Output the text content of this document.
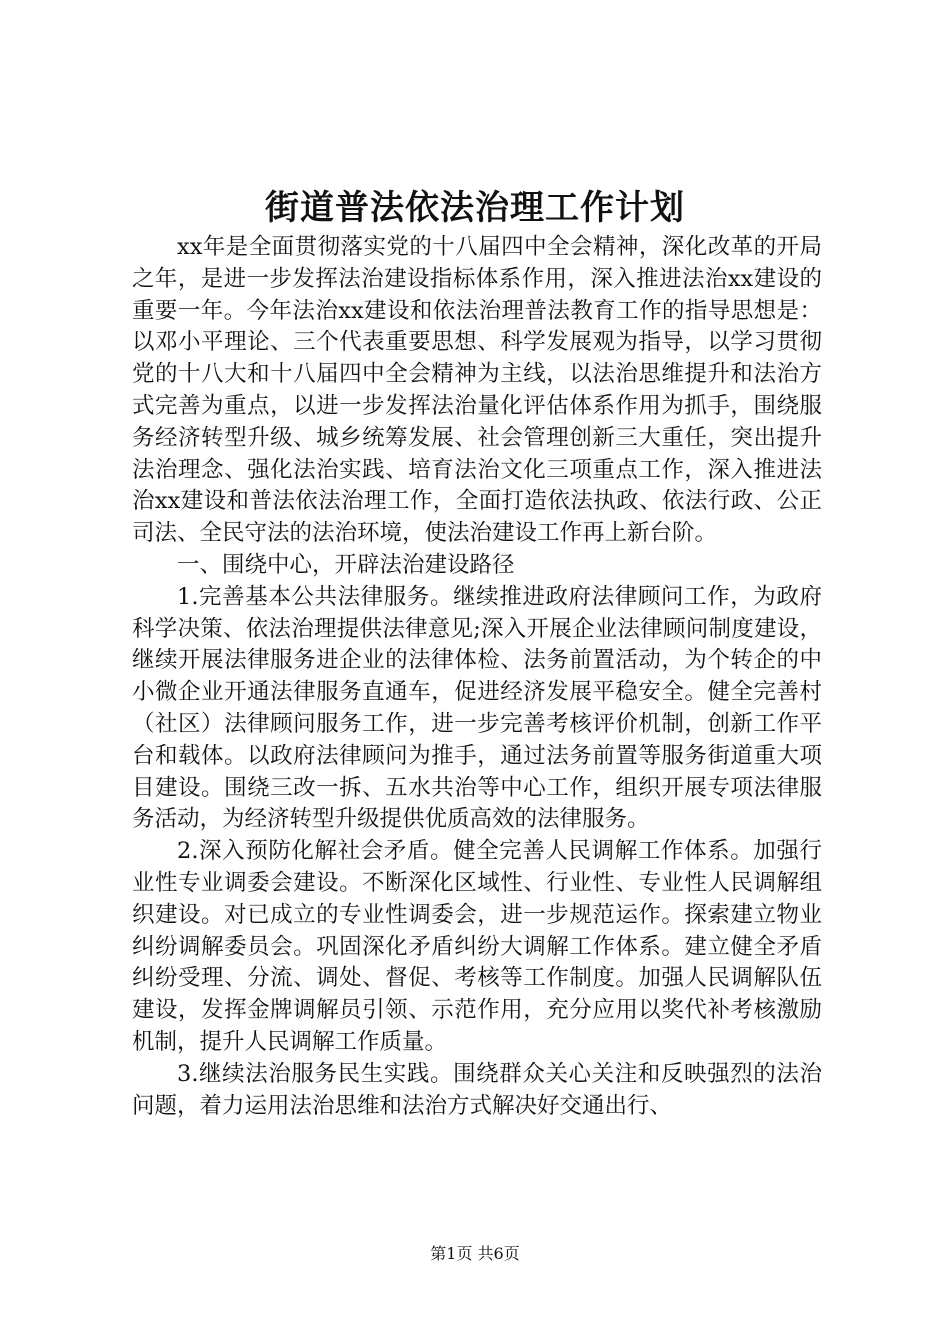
街道普法依法治理工作计划

xx年是全面贯彻落实党的十八届四中全会精神，深化改革的开局之年，是进一步发挥法治建设指标体系作用，深入推进法治xx建设的重要一年。今年法治xx建设和依法治理普法教育工作的指导思想是：以邓小平理论、三个代表重要思想、科学发展观为指导，以学习贯彻党的十八大和十八届四中全会精神为主线，以法治思维提升和法治方式完善为重点，以进一步发挥法治量化评估体系作用为抓手，围绕服务经济转型升级、城乡统筹发展、社会管理创新三大重任，突出提升法治理念、强化法治实践、培育法治文化三项重点工作，深入推进法治xx建设和普法依法治理工作，全面打造依法执政、依法行政、公正司法、全民守法的法治环境，使法治建设工作再上新台阶。

一、围绕中心，开辟法治建设路径

1.完善基本公共法律服务。继续推进政府法律顾问工作，为政府科学决策、依法治理提供法律意见;深入开展企业法律顾问制度建设，继续开展法律服务进企业的法律体检、法务前置活动，为个转企的中小微企业开通法律服务直通车，促进经济发展平稳安全。健全完善村（社区）法律顾问服务工作，进一步完善考核评价机制，创新工作平台和载体。以政府法律顾问为推手，通过法务前置等服务街道重大项目建设。围绕三改一拆、五水共治等中心工作，组织开展专项法律服务活动，为经济转型升级提供优质高效的法律服务。

2.深入预防化解社会矛盾。健全完善人民调解工作体系。加强行业性专业调委会建设。不断深化区域性、行业性、专业性人民调解组织建设。对已成立的专业性调委会，进一步规范运作。探索建立物业纠纷调解委员会。巩固深化矛盾纠纷大调解工作体系。建立健全矛盾纠纷受理、分流、调处、督促、考核等工作制度。加强人民调解队伍建设，发挥金牌调解员引领、示范作用，充分应用以奖代补考核激励机制，提升人民调解工作质量。

3.继续法治服务民生实践。围绕群众关心关注和反映强烈的法治问题，着力运用法治思维和法治方式解决好交通出行、

第1页 共6页
